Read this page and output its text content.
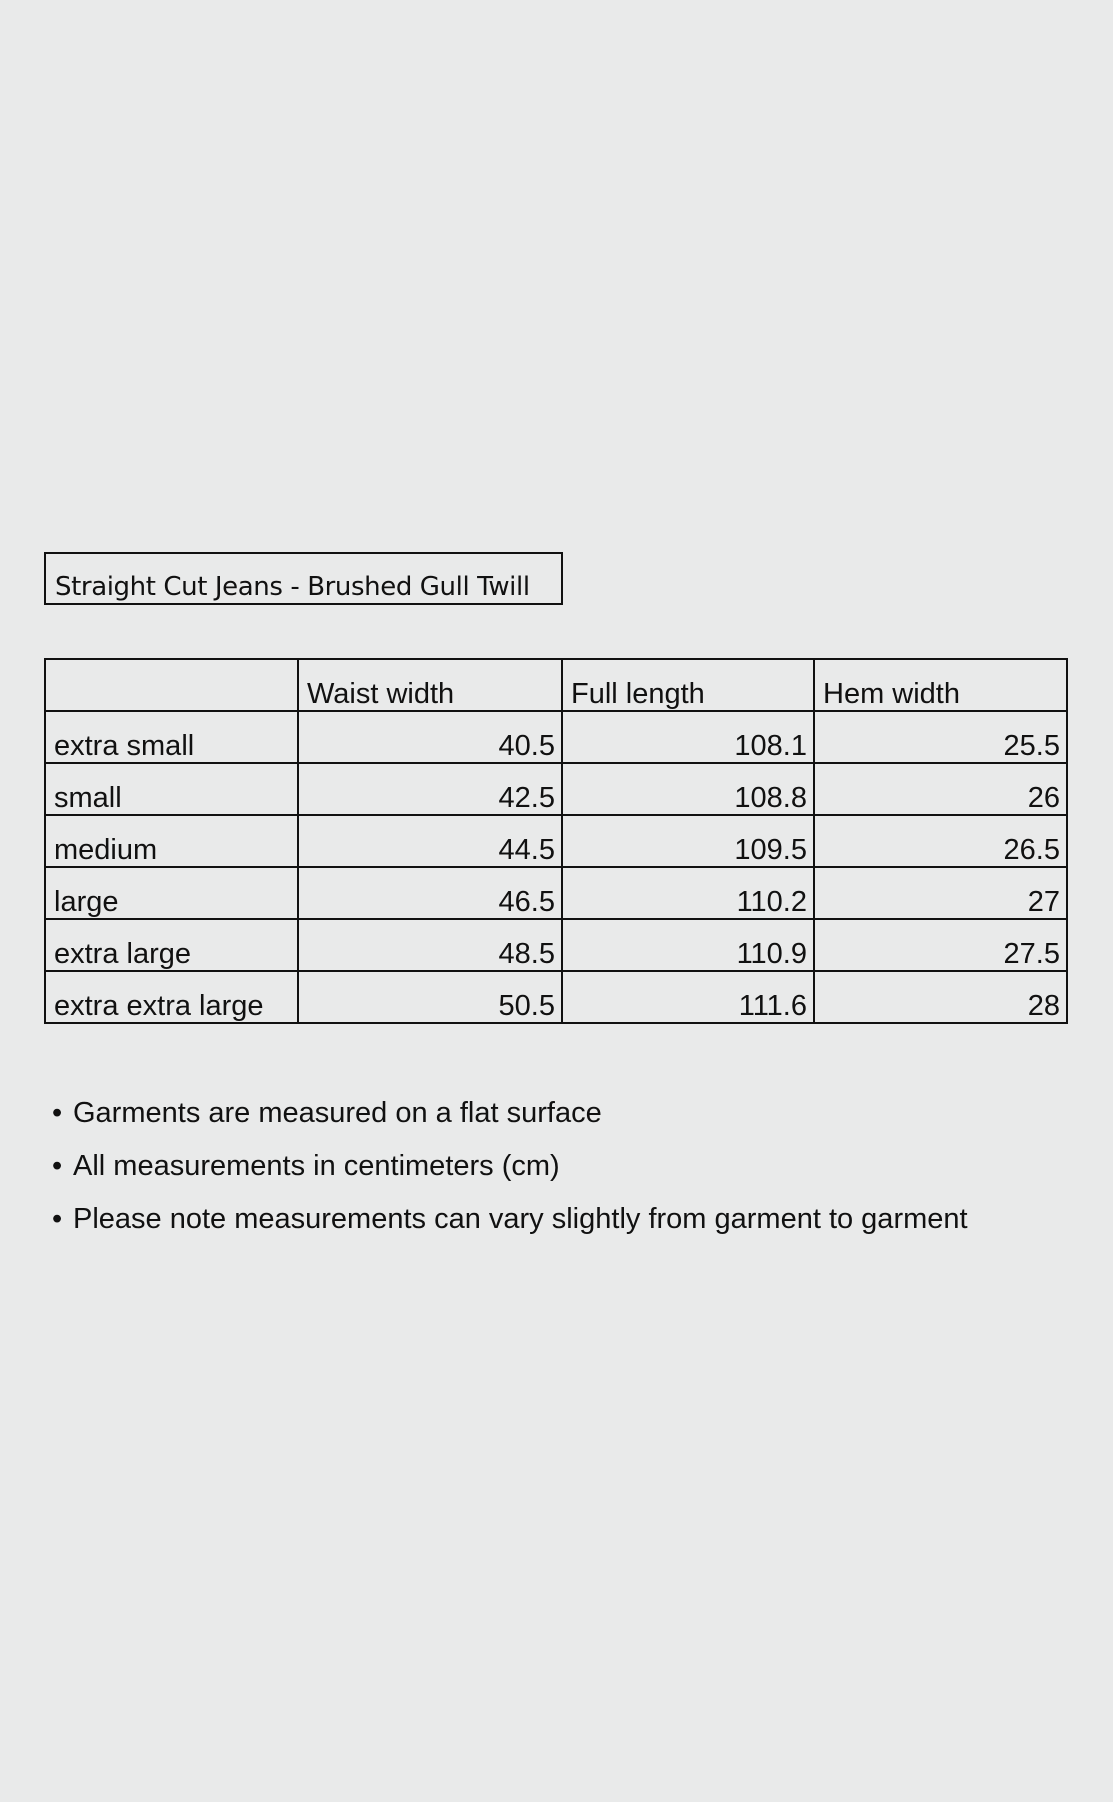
Straight Cut Jeans - Brushed Gull Twill
	Waist width	Full length	Hem width
extra small	40.5	108.1	25.5
small	42.5	108.8	26
medium	44.5	109.5	26.5
large	46.5	110.2	27
extra large	48.5	110.9	27.5
extra extra large	50.5	111.6	28
• Garments are measured on a flat surface
• All measurements in centimeters (cm)
• Please note measurements can vary slightly from garment to garment
